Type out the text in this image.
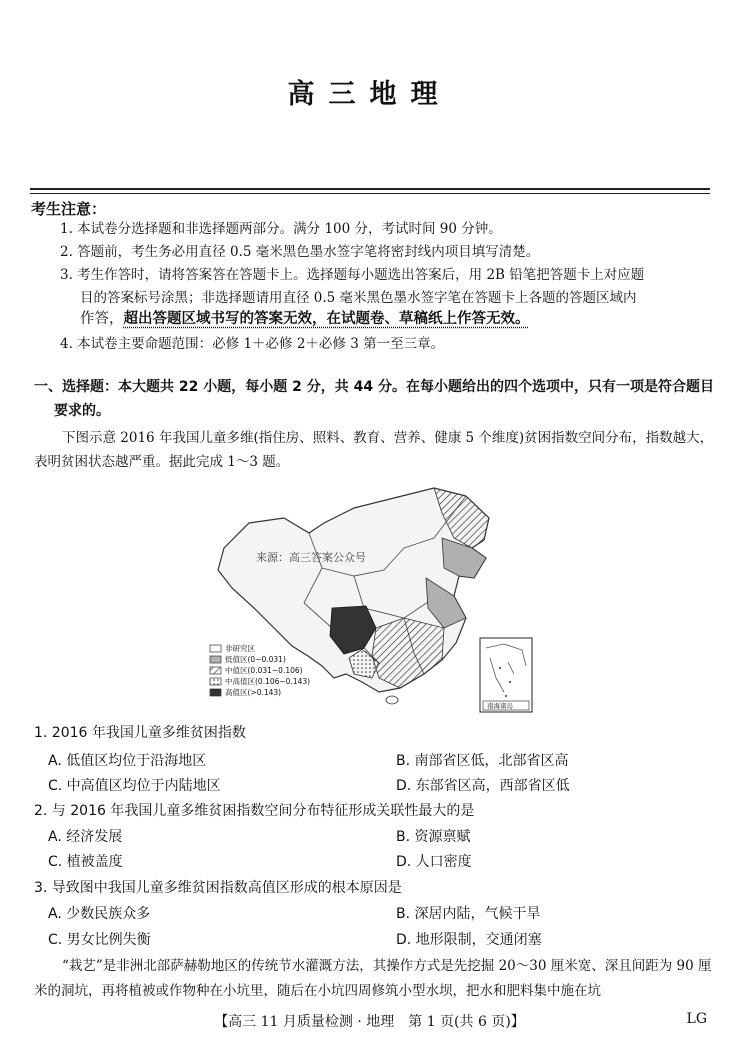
高三地理
考生注意：
1. 本试卷分选择题和非选择题两部分。满分 100 分，考试时间 90 分钟。
2. 答题前，考生务必用直径 0.5 毫米黑色墨水签字笔将密封线内项目填写清楚。
3. 考生作答时，请将答案答在答题卡上。选择题每小题选出答案后，用 2B 铅笔把答题卡上对应题
目的答案标号涂黑；非选择题请用直径 0.5 毫米黑色墨水签字笔在答题卡上各题的答题区域内
作答，超出答题区域书写的答案无效，在试题卷、草稿纸上作答无效。
4. 本试卷主要命题范围：必修 1＋必修 2＋必修 3 第一至三章。
一、选择题：本大题共 22 小题，每小题 2 分，共 44 分。在每小题给出的四个选项中，只有一项是符合题目
要求的。
下图示意 2016 年我国儿童多维(指住房、照料、教育、营养、健康 5 个维度)贫困指数空间分布，指数越大，表明贫困状态越严重。据此完成 1～3 题。
来源：高三答案公众号
非研究区
低值区(0~0.031)
中值区(0.031~0.106)
中高值区(0.106~0.143)
高值区(>0.143)
南海诸岛
1. 2016 年我国儿童多维贫困指数
A. 低值区均位于沿海地区	B. 南部省区低，北部省区高
C. 中高值区均位于内陆地区	D. 东部省区高，西部省区低
2. 与 2016 年我国儿童多维贫困指数空间分布特征形成关联性最大的是
A. 经济发展	B. 资源禀赋
C. 植被盖度	D. 人口密度
3. 导致图中我国儿童多维贫困指数高值区形成的根本原因是
A. 少数民族众多	B. 深居内陆，气候干旱
C. 男女比例失衡	D. 地形限制，交通闭塞
“栽艺”是非洲北部萨赫勒地区的传统节水灌溉方法，其操作方式是先挖掘 20～30 厘米宽、深且间距为 90 厘米的洞坑，再将植被或作物种在小坑里，随后在小坑四周修筑小型水坝，把水和肥料集中施在坑
【高三 11 月质量检测 · 地理　第 1 页(共 6 页)】	LG
